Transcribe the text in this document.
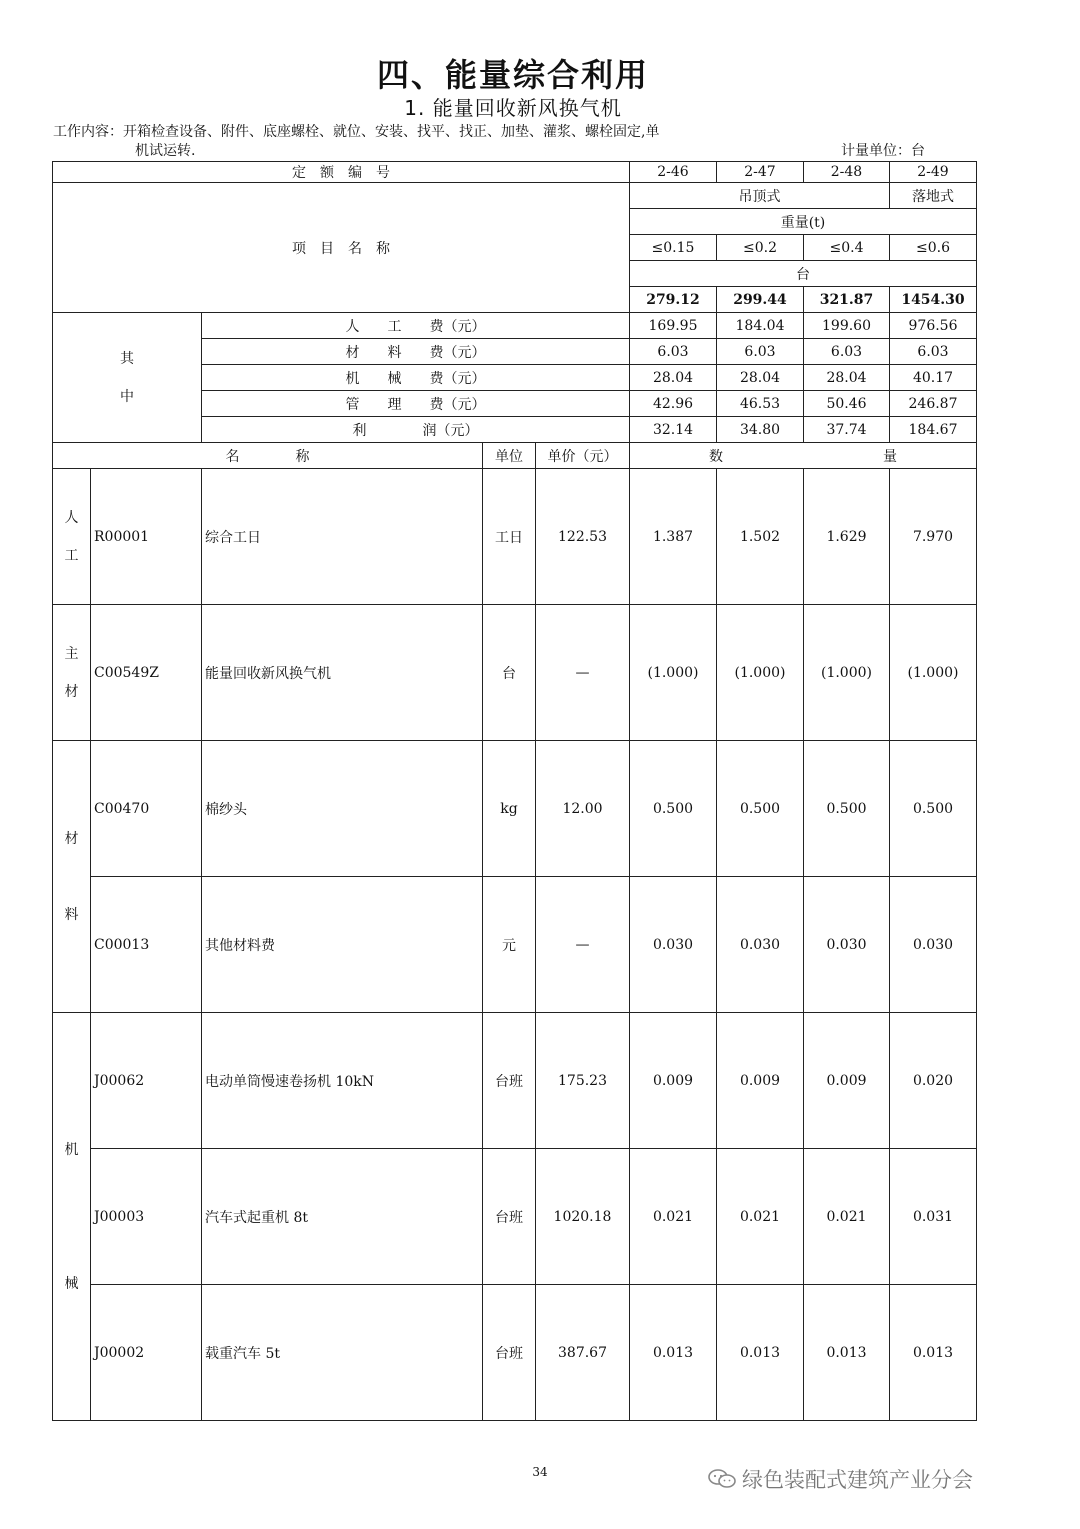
四、能量综合利用
1. 能量回收新风换气机
工作内容：开箱检查设备、附件、底座螺栓、就位、安装、找平、找正、加垫、灌浆、螺栓固定,单
机试运转.	计量单位：台
定　额　编　号					2-46	2-47	2-48	2-49
项　目　名　称					吊顶式			落地式
					重量(t)			
					≤0.15	≤0.2	≤0.4	≤0.6
					台			
					279.12	299.44	321.87	1454.30
其
中		人　　工　　费（元）			169.95	184.04	199.60	976.56
		材　　料　　费（元）			6.03	6.03	6.03	6.03
		机　　械　　费（元）			28.04	28.04	28.04	40.17
		管　　理　　费（元）			42.96	46.53	50.46	246.87
		利　　　　润（元）			32.14	34.80	37.74	184.67
名　　　　称			单位	单价（元）	数 量			
人
工	R00001	综合工日	工日	122.53	1.387	1.502	1.629	7.970
主
材	C00549Z	能量回收新风换气机	台	—	(1.000)	(1.000)	(1.000)	(1.000)
材
料	C00470	棉纱头	kg	12.00	0.500	0.500	0.500	0.500
	C00013	其他材料费	元	—	0.030	0.030	0.030	0.030
机
械	J00062	电动单筒慢速卷扬机 10kN	台班	175.23	0.009	0.009	0.009	0.020
	J00003	汽车式起重机 8t	台班	1020.18	0.021	0.021	0.021	0.031
	J00002	载重汽车 5t	台班	387.67	0.013	0.013	0.013	0.013
34	绿色装配式建筑产业分会
